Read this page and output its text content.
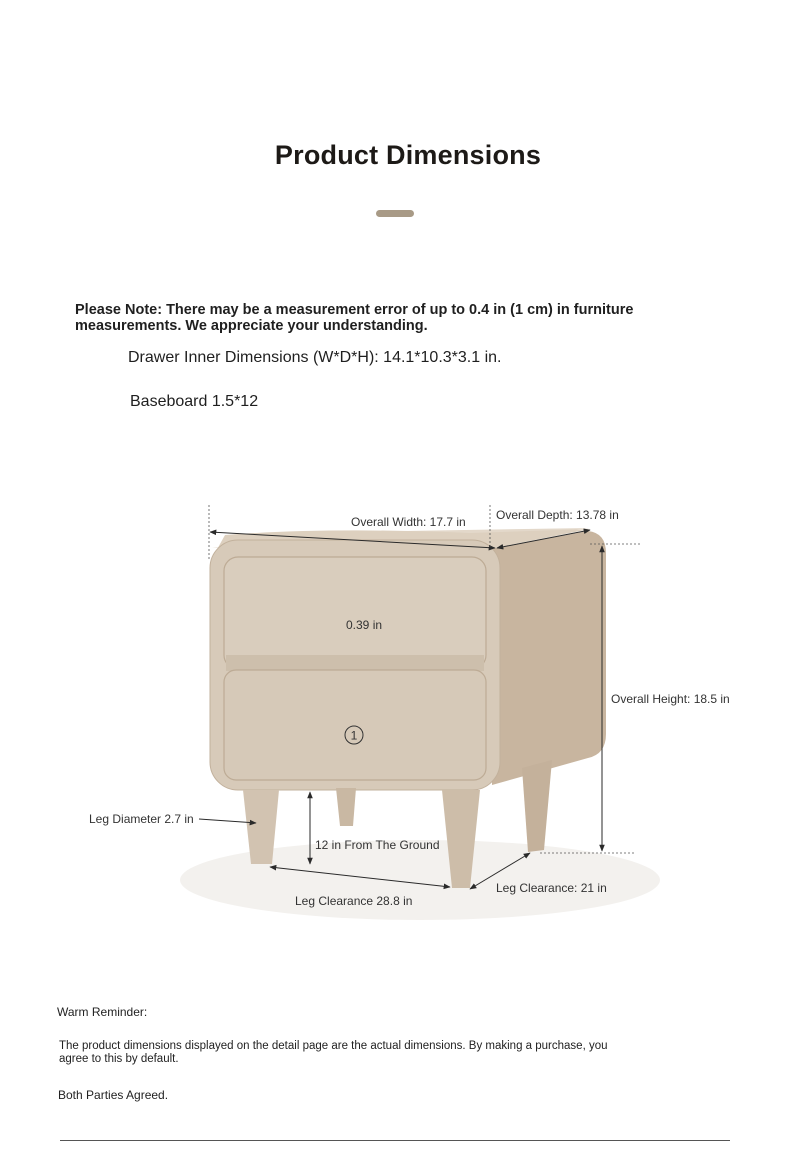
Product Dimensions
Please Note: There may be a measurement error of up to 0.4 in (1 cm) in furniture measurements. We appreciate your understanding.
Drawer Inner Dimensions (W*D*H): 14.1*10.3*3.1 in.
Baseboard 1.5*12
1
Overall Width: 17.7 in	Overall Depth: 13.78 in
0.39 in
Overall Height: 18.5 in
Leg Diameter 2.7 in
12 in From The Ground
Leg Clearance 28.8 in
Leg Clearance: 21 in
Warm Reminder:
The product dimensions displayed on the detail page are the actual dimensions. By making a purchase, you agree to this by default.
Both Parties Agreed.
